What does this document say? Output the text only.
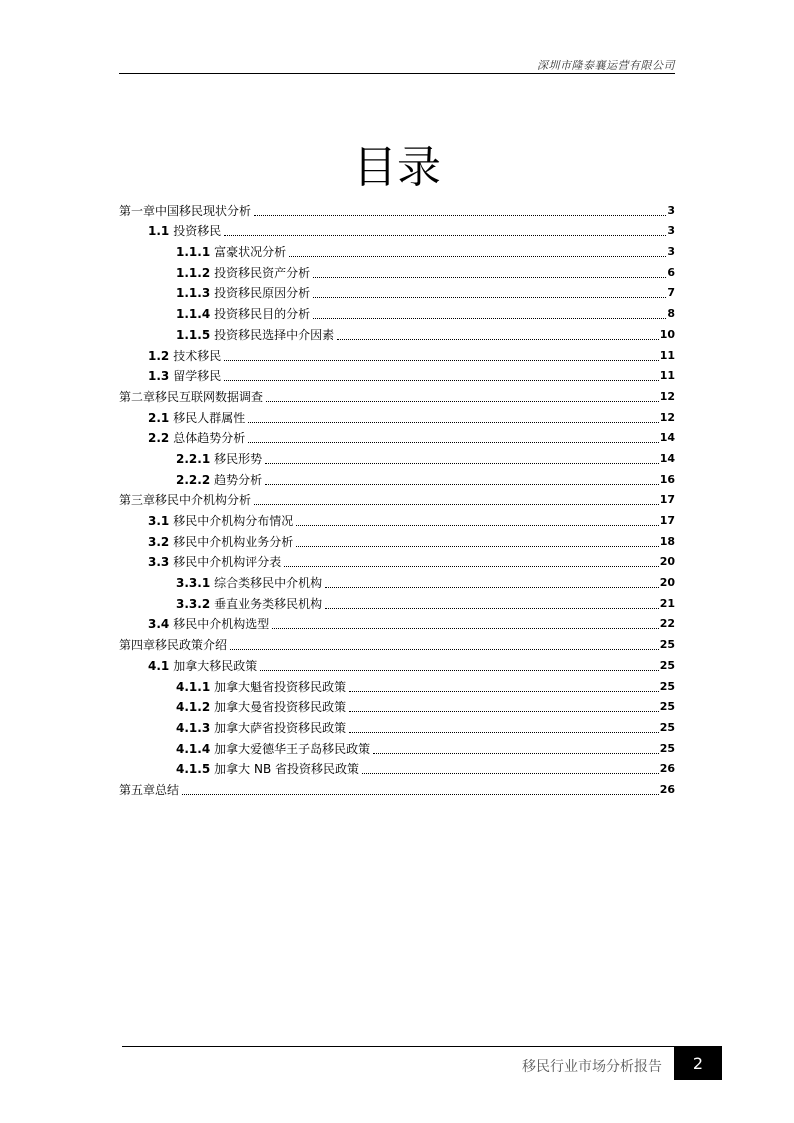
深圳市隆泰襄运营有限公司
目录
第一章中国移民现状分析	3
1.1 投资移民	3
1.1.1 富豪状况分析	3
1.1.2 投资移民资产分析	6
1.1.3 投资移民原因分析	7
1.1.4 投资移民目的分析	8
1.1.5 投资移民选择中介因素	10
1.2 技术移民	11
1.3 留学移民	11
第二章移民互联网数据调查	12
2.1 移民人群属性	12
2.2 总体趋势分析	14
2.2.1 移民形势	14
2.2.2 趋势分析	16
第三章移民中介机构分析	17
3.1 移民中介机构分布情况	17
3.2 移民中介机构业务分析	18
3.3 移民中介机构评分表	20
3.3.1 综合类移民中介机构	20
3.3.2 垂直业务类移民机构	21
3.4 移民中介机构选型	22
第四章移民政策介绍	25
4.1 加拿大移民政策	25
4.1.1 加拿大魁省投资移民政策	25
4.1.2 加拿大曼省投资移民政策	25
4.1.3 加拿大萨省投资移民政策	25
4.1.4 加拿大爱德华王子岛移民政策	25
4.1.5 加拿大 NB 省投资移民政策	26
第五章总结	26
移民行业市场分析报告	2
